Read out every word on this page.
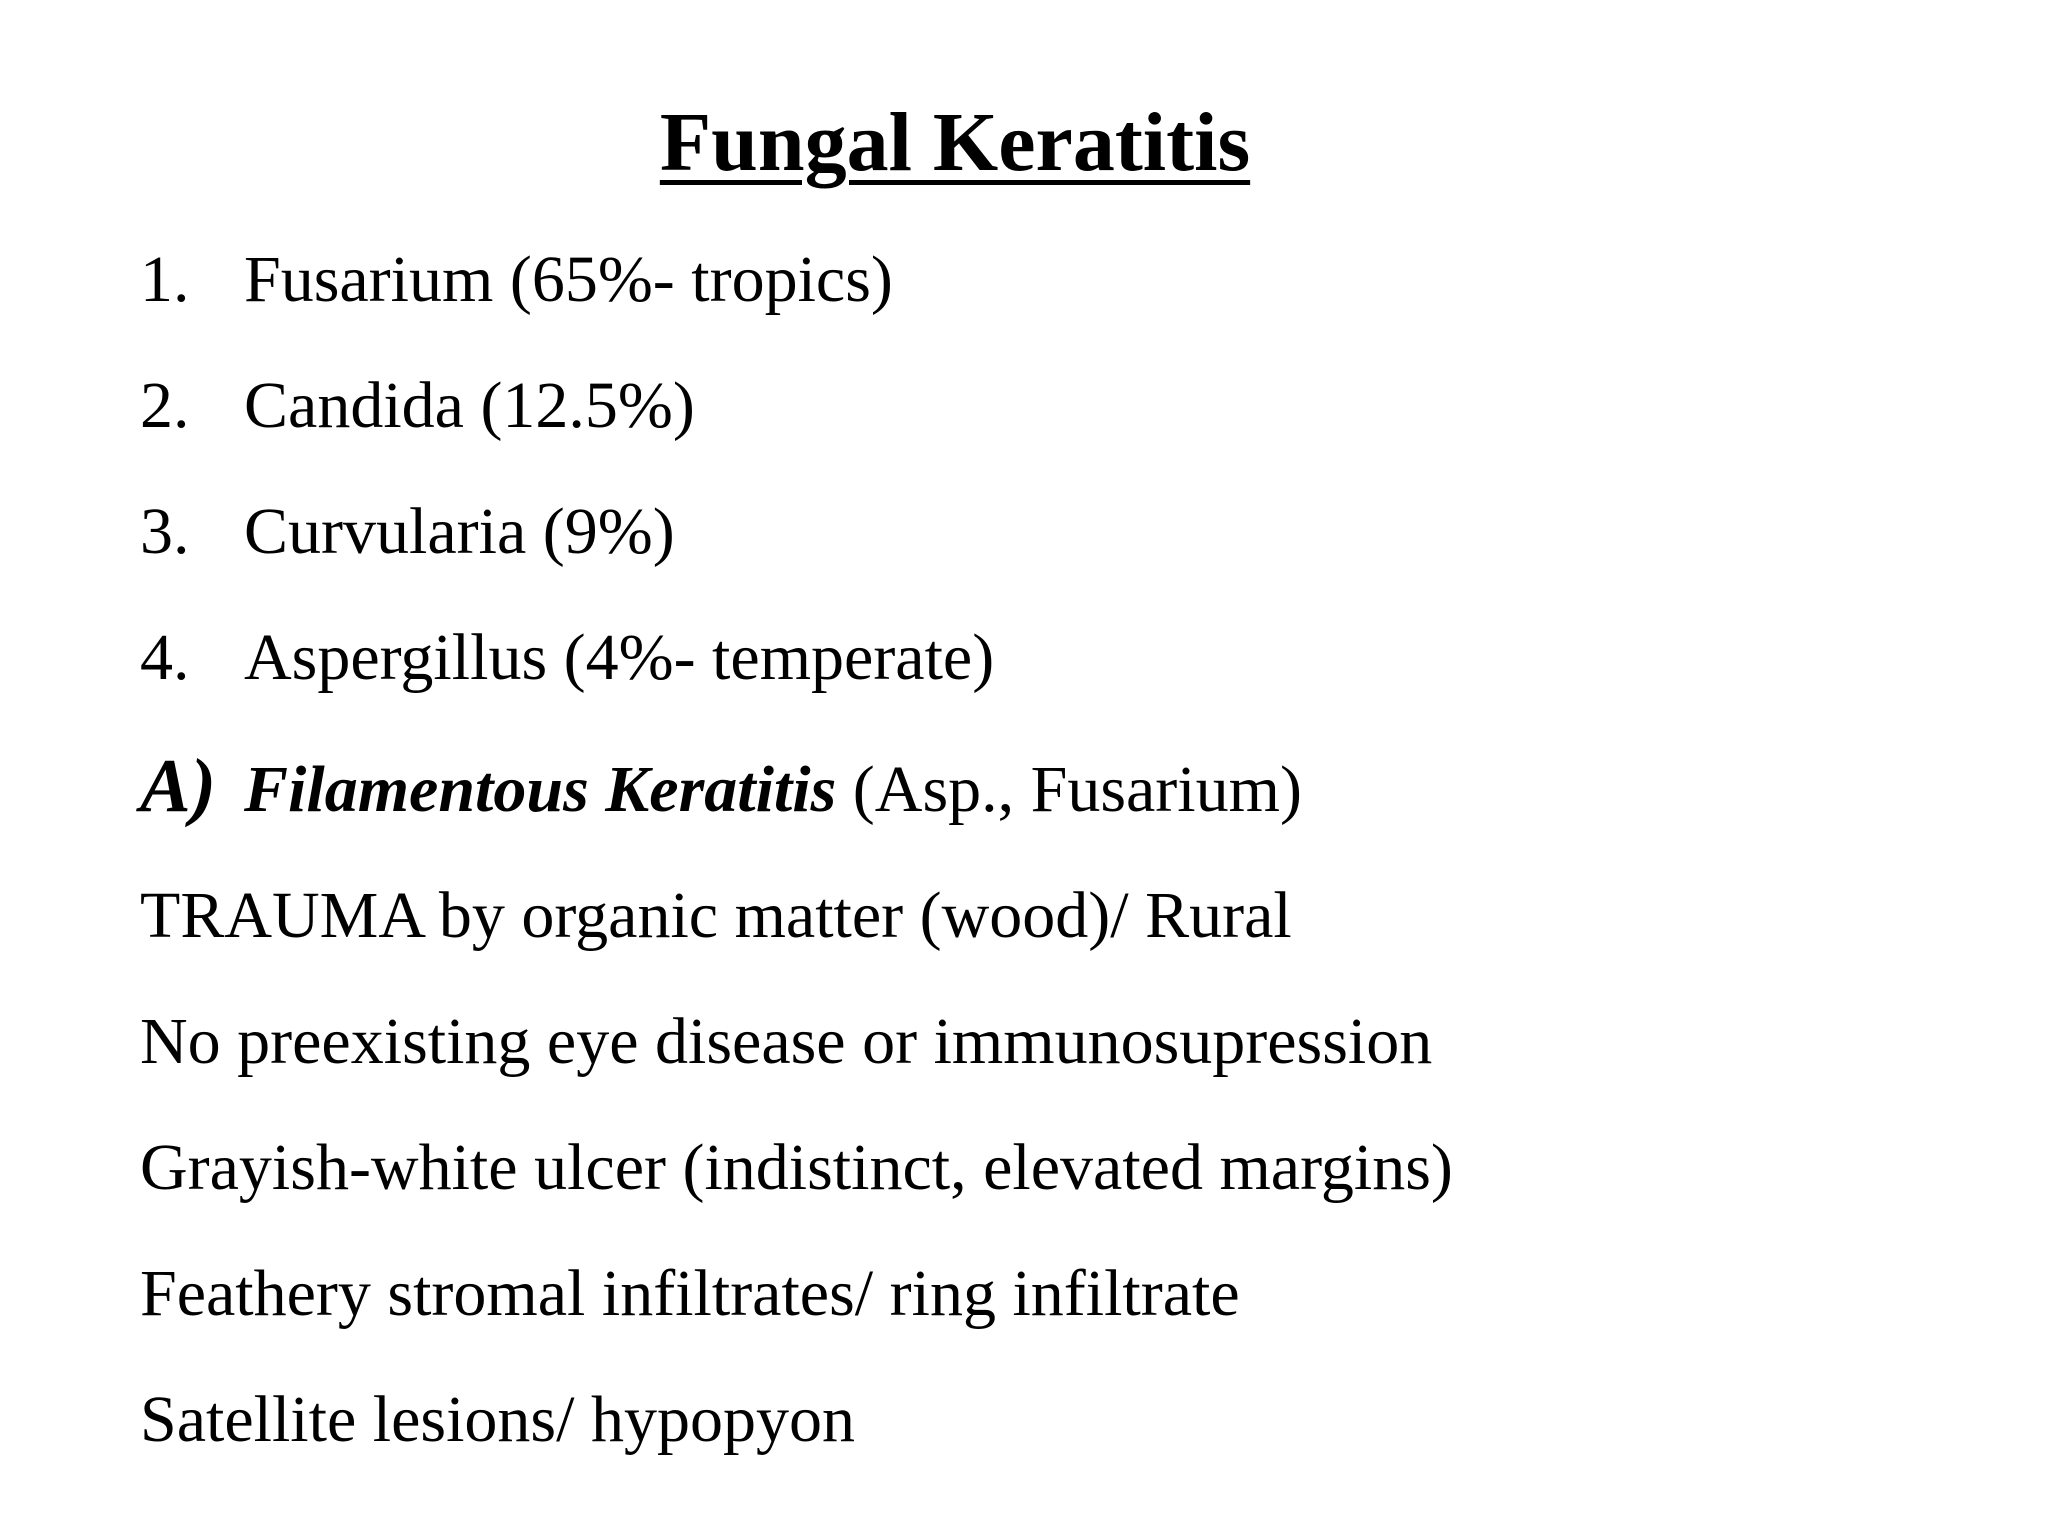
Fungal Keratitis

1. Fusarium (65%- tropics)

2. Candida (12.5%)

3. Curvularia (9%)

4. Aspergillus (4%- temperate)

A) Filamentous Keratitis (Asp., Fusarium)

TRAUMA by organic matter (wood)/ Rural

No preexisting eye disease or immunosupression

Grayish-white ulcer (indistinct, elevated margins)

Feathery stromal infiltrates/ ring infiltrate

Satellite lesions/ hypopyon
